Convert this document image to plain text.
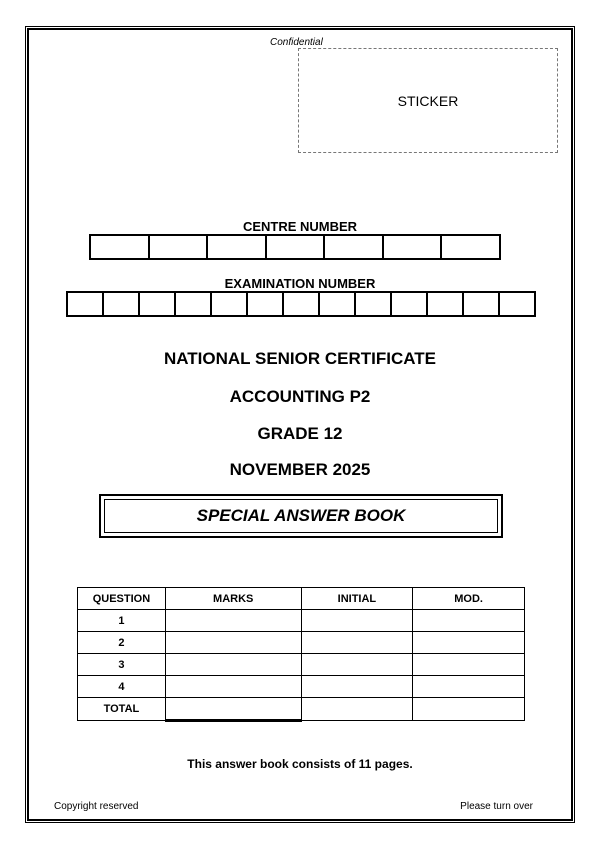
Confidential
STICKER
CENTRE NUMBER
EXAMINATION NUMBER
NATIONAL SENIOR CERTIFICATE
ACCOUNTING P2
GRADE 12
NOVEMBER 2025
SPECIAL ANSWER BOOK
QUESTION	MARKS	INITIAL	MOD.
1			
2			
3			
4			
TOTAL			
This answer book consists of 11 pages.
Copyright reserved	Please turn over
